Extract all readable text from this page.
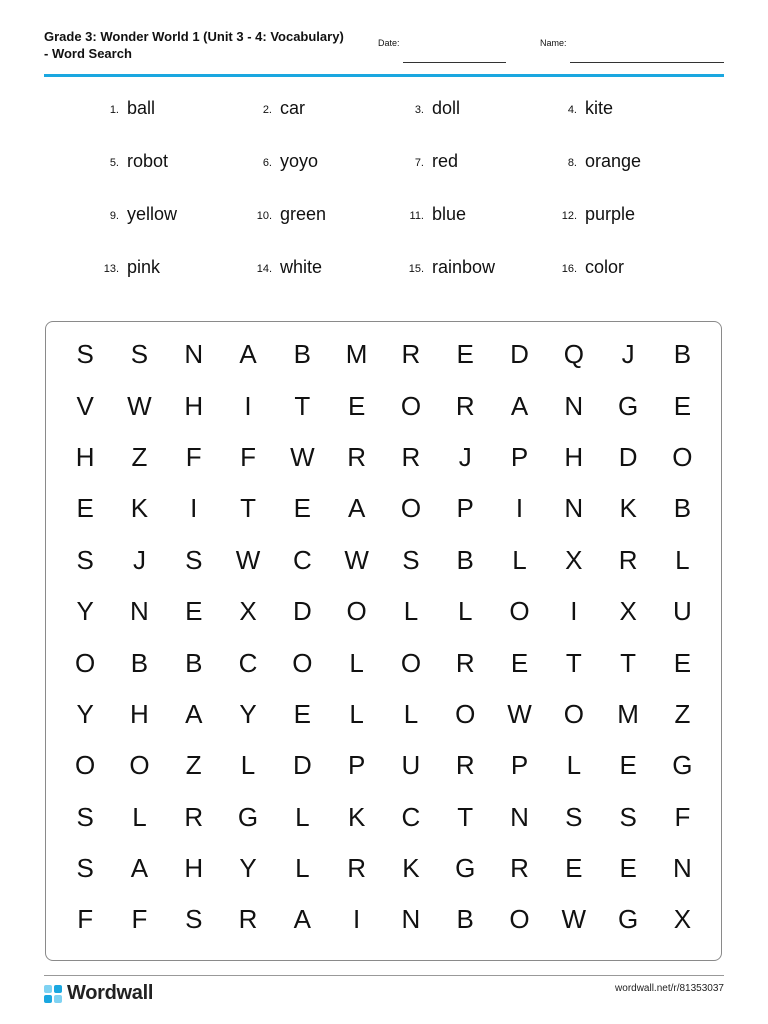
Grade 3: Wonder World 1 (Unit 3 - 4: Vocabulary) - Word Search
Date:	Name:
1. ball	2. car	3. doll	4. kite
5. robot	6. yoyo	7. red	8. orange
9. yellow	10. green	11. blue	12. purple
13. pink	14. white	15. rainbow	16. color
S	S	N	A	B	M	R	E	D	Q	J	B
V	W	H	I	T	E	O	R	A	N	G	E
H	Z	F	F	W	R	R	J	P	H	D	O
E	K	I	T	E	A	O	P	I	N	K	B
S	J	S	W	C	W	S	B	L	X	R	L
Y	N	E	X	D	O	L	L	O	I	X	U
O	B	B	C	O	L	O	R	E	T	T	E
Y	H	A	Y	E	L	L	O	W	O	M	Z
O	O	Z	L	D	P	U	R	P	L	E	G
S	L	R	G	L	K	C	T	N	S	S	F
S	A	H	Y	L	R	K	G	R	E	E	N
F	F	S	R	A	I	N	B	O	W	G	X
Wordwall	wordwall.net/r/81353037
